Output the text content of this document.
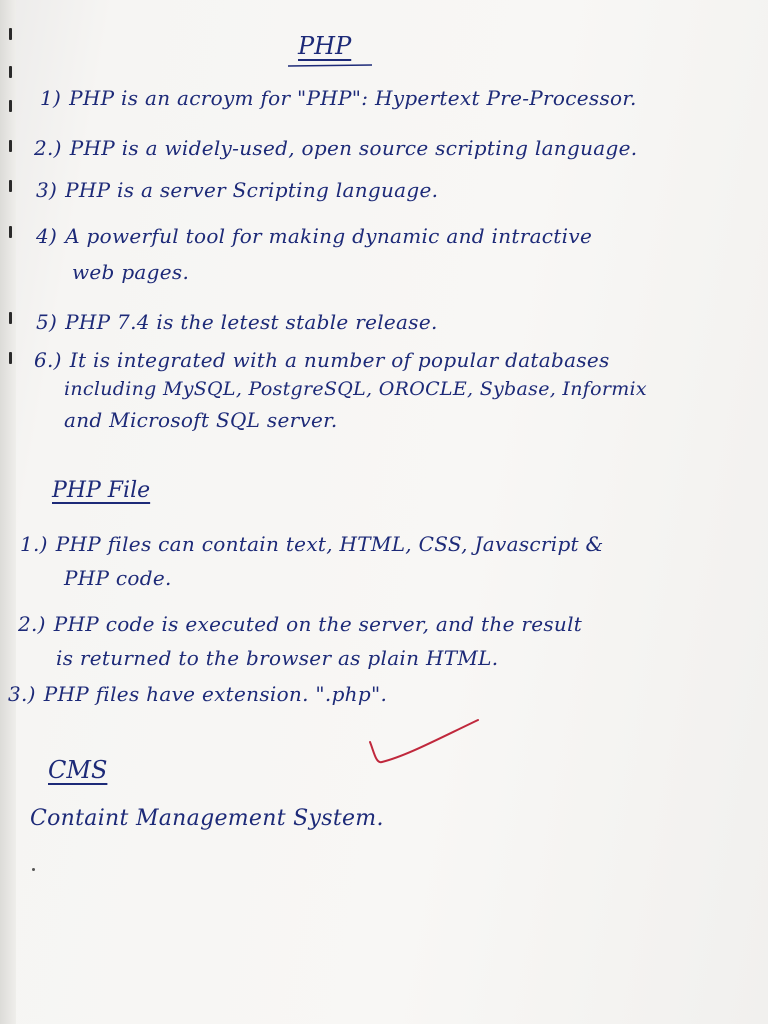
PHP
1) PHP is an acroym for "PHP": Hypertext Pre-Processor.
2.) PHP is a widely-used, open source scripting language.
3) PHP is a server Scripting language.
4) A powerful tool for making dynamic and intractive
web pages.
5) PHP 7.4 is the letest stable release.
6.) It is integrated with a number of popular databases
including MySQL, PostgreSQL, OROCLE, Sybase, Informix
and Microsoft SQL server.
PHP File
1.) PHP files can contain text, HTML, CSS, Javascript &
PHP code.
2.) PHP code is executed on the server, and the result
is returned to the browser as plain HTML.
3.) PHP files have extension. ".php".
CMS
Containt Management System.
